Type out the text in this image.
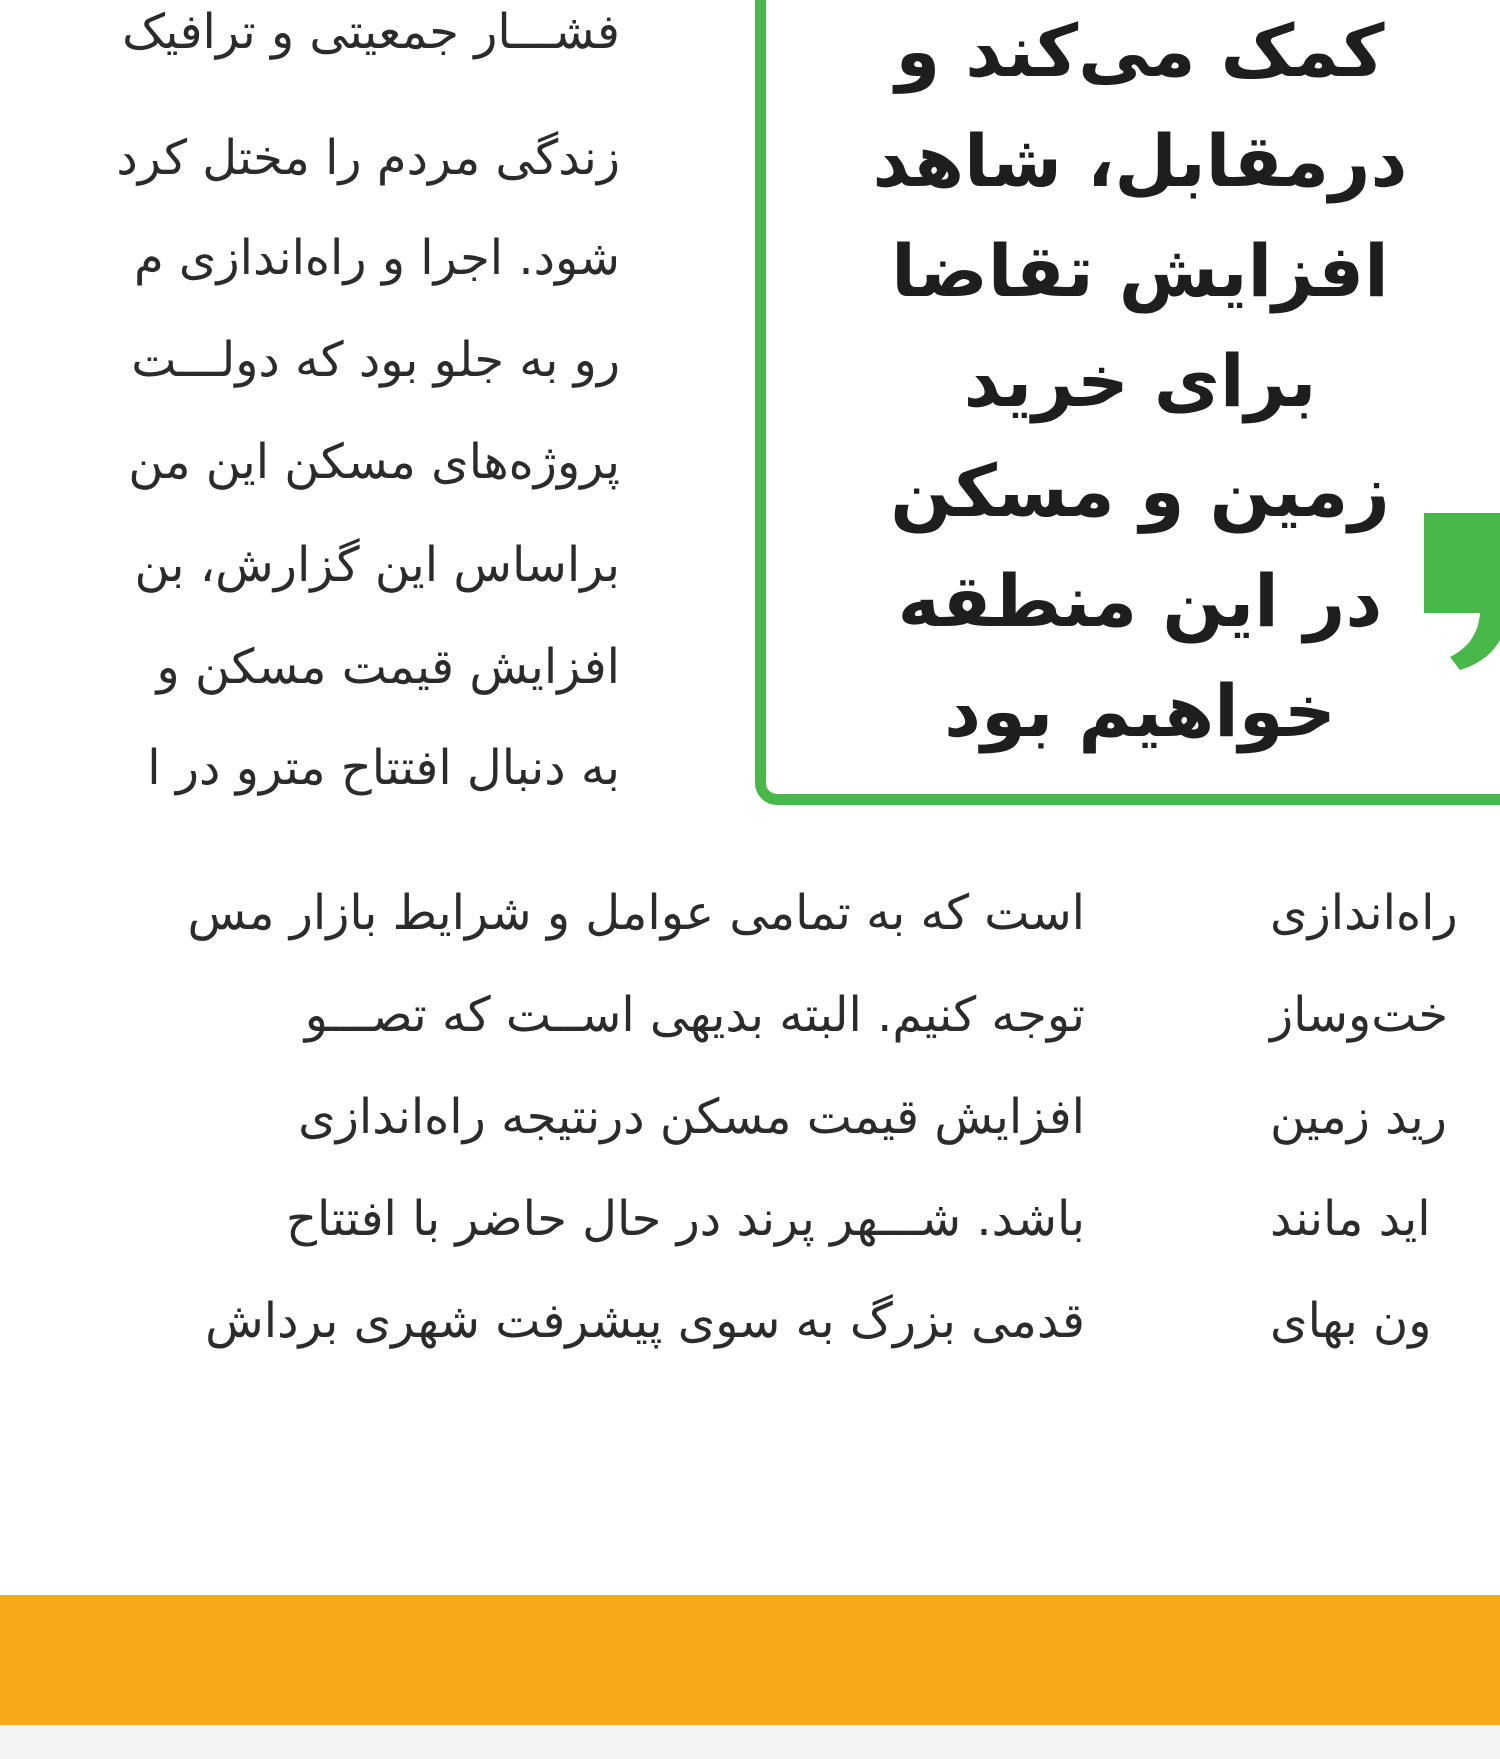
فشـــار جمعیتی و ترافیک
زندگی مردم را مختل کرد
شود. اجرا و راه‌اندازی م
رو به جلو بود که دولـــت
پروژه‌های مسکن این من
براساس این گزارش، بن
افزایش قیمت مسکن و
به دنبال افتتاح مترو در ا
کمک می‌کند و
درمقابل، شاهد
افزایش تقاضا
برای خرید
زمین و مسکن
در این منطقه
خواهیم بود
است که به تمامی عوامل و شرایط بازار مس
توجه کنیم. البته بدیهی اســت که تصـــو
افزایش قیمت مسکن درنتیجه راه‌اندازی
باشد. شـــهر پرند در حال حاضر با افتتاح
قدمی بزرگ به سوی پیشرفت شهری برداش
راه‌اندازی
خت‌وساز
رید زمین
اید مانند
ون بهای
